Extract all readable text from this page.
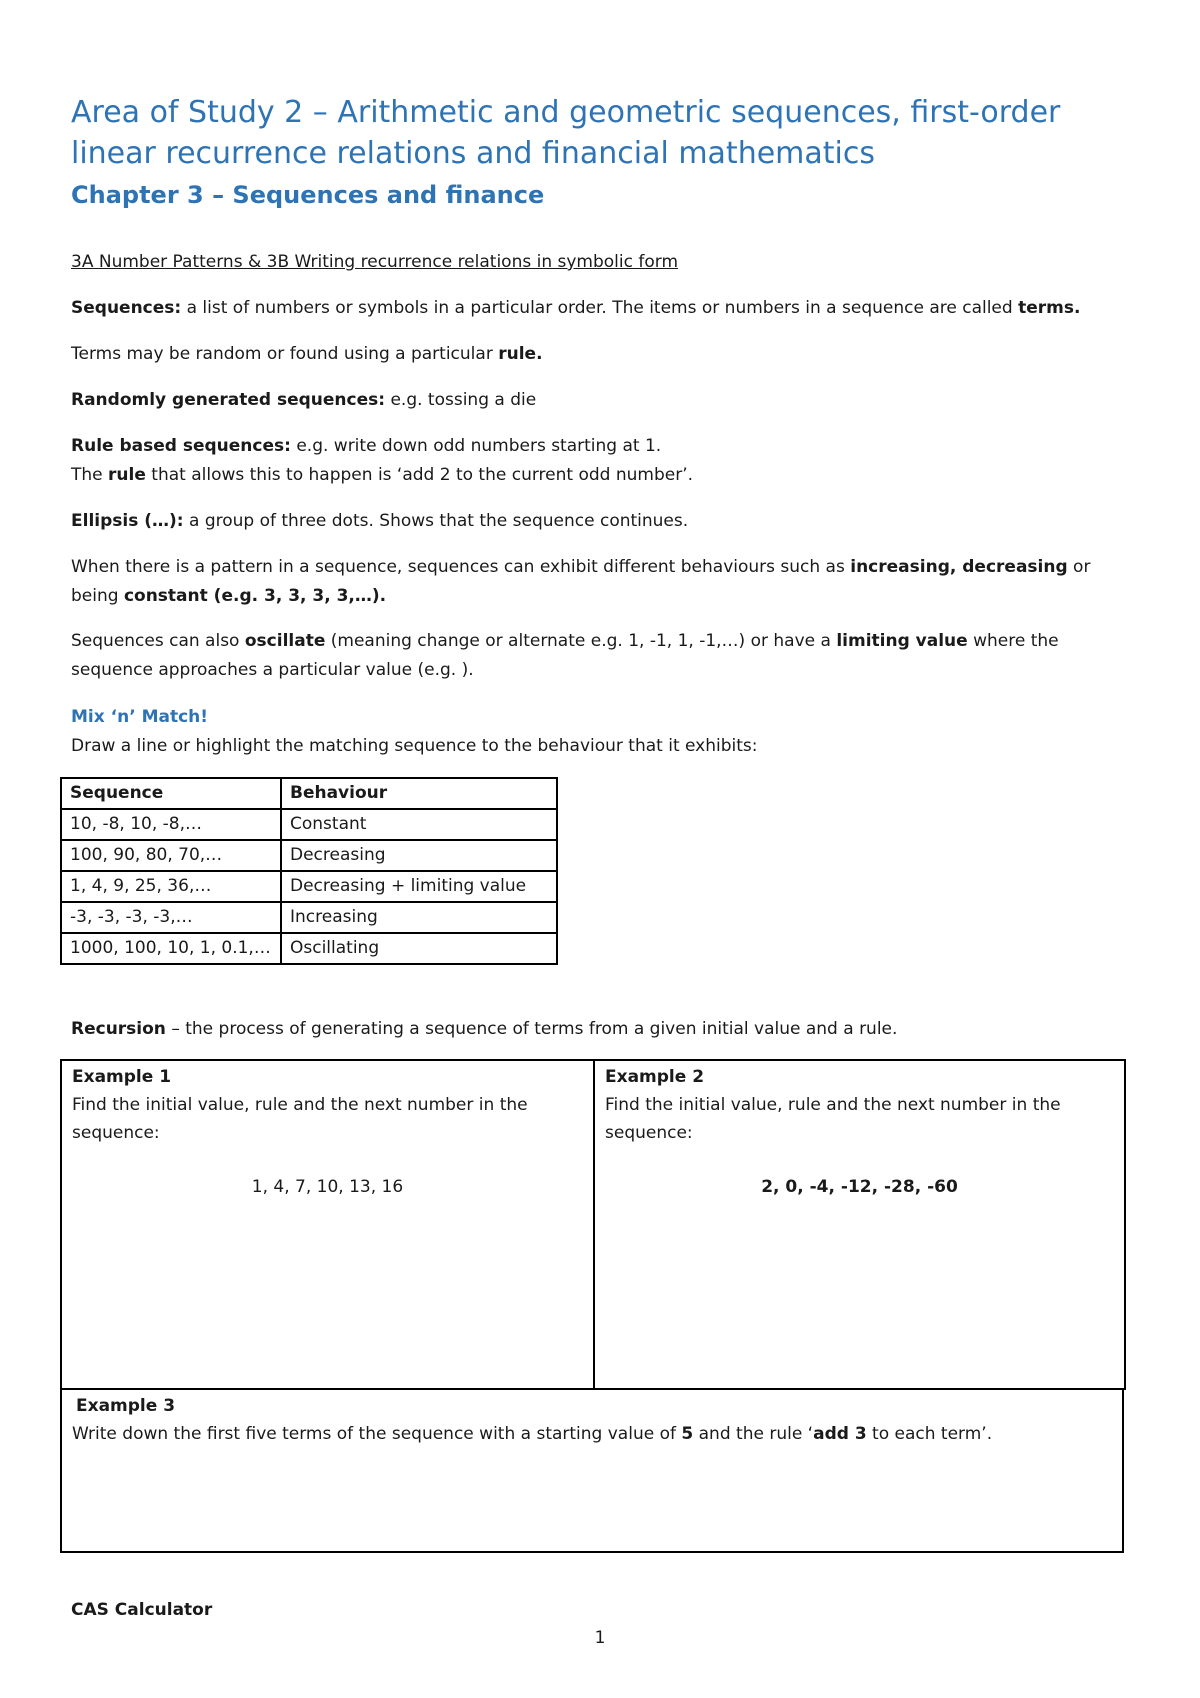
Area of Study 2 – Arithmetic and geometric sequences, first-order linear recurrence relations and financial mathematics
Chapter 3 – Sequences and finance

3A Number Patterns & 3B Writing recurrence relations in symbolic form

Sequences: a list of numbers or symbols in a particular order. The items or numbers in a sequence are called terms.

Terms may be random or found using a particular rule.

Randomly generated sequences: e.g. tossing a die

Rule based sequences: e.g. write down odd numbers starting at 1.
The rule that allows this to happen is ‘add 2 to the current odd number’.

Ellipsis (…): a group of three dots. Shows that the sequence continues.

When there is a pattern in a sequence, sequences can exhibit different behaviours such as increasing, decreasing or being constant (e.g. 3, 3, 3, 3,…).

Sequences can also oscillate (meaning change or alternate e.g. 1, -1, 1, -1,…) or have a limiting value where the sequence approaches a particular value (e.g. ).

Mix ‘n’ Match!
Draw a line or highlight the matching sequence to the behaviour that it exhibits:

Sequence	Behaviour
10, -8, 10, -8,…	Constant
100, 90, 80, 70,…	Decreasing
1, 4, 9, 25, 36,…	Decreasing + limiting value
-3, -3, -3, -3,…	Increasing
1000, 100, 10, 1, 0.1,…	Oscillating

Recursion – the process of generating a sequence of terms from a given initial value and a rule.

Example 1
Find the initial value, rule and the next number in the sequence:
1, 4, 7, 10, 13, 16
Example 2
Find the initial value, rule and the next number in the sequence:
2, 0, -4, -12, -28, -60
Example 3
Write down the first five terms of the sequence with a starting value of 5 and the rule ‘add 3 to each term’.
CAS Calculator
1
